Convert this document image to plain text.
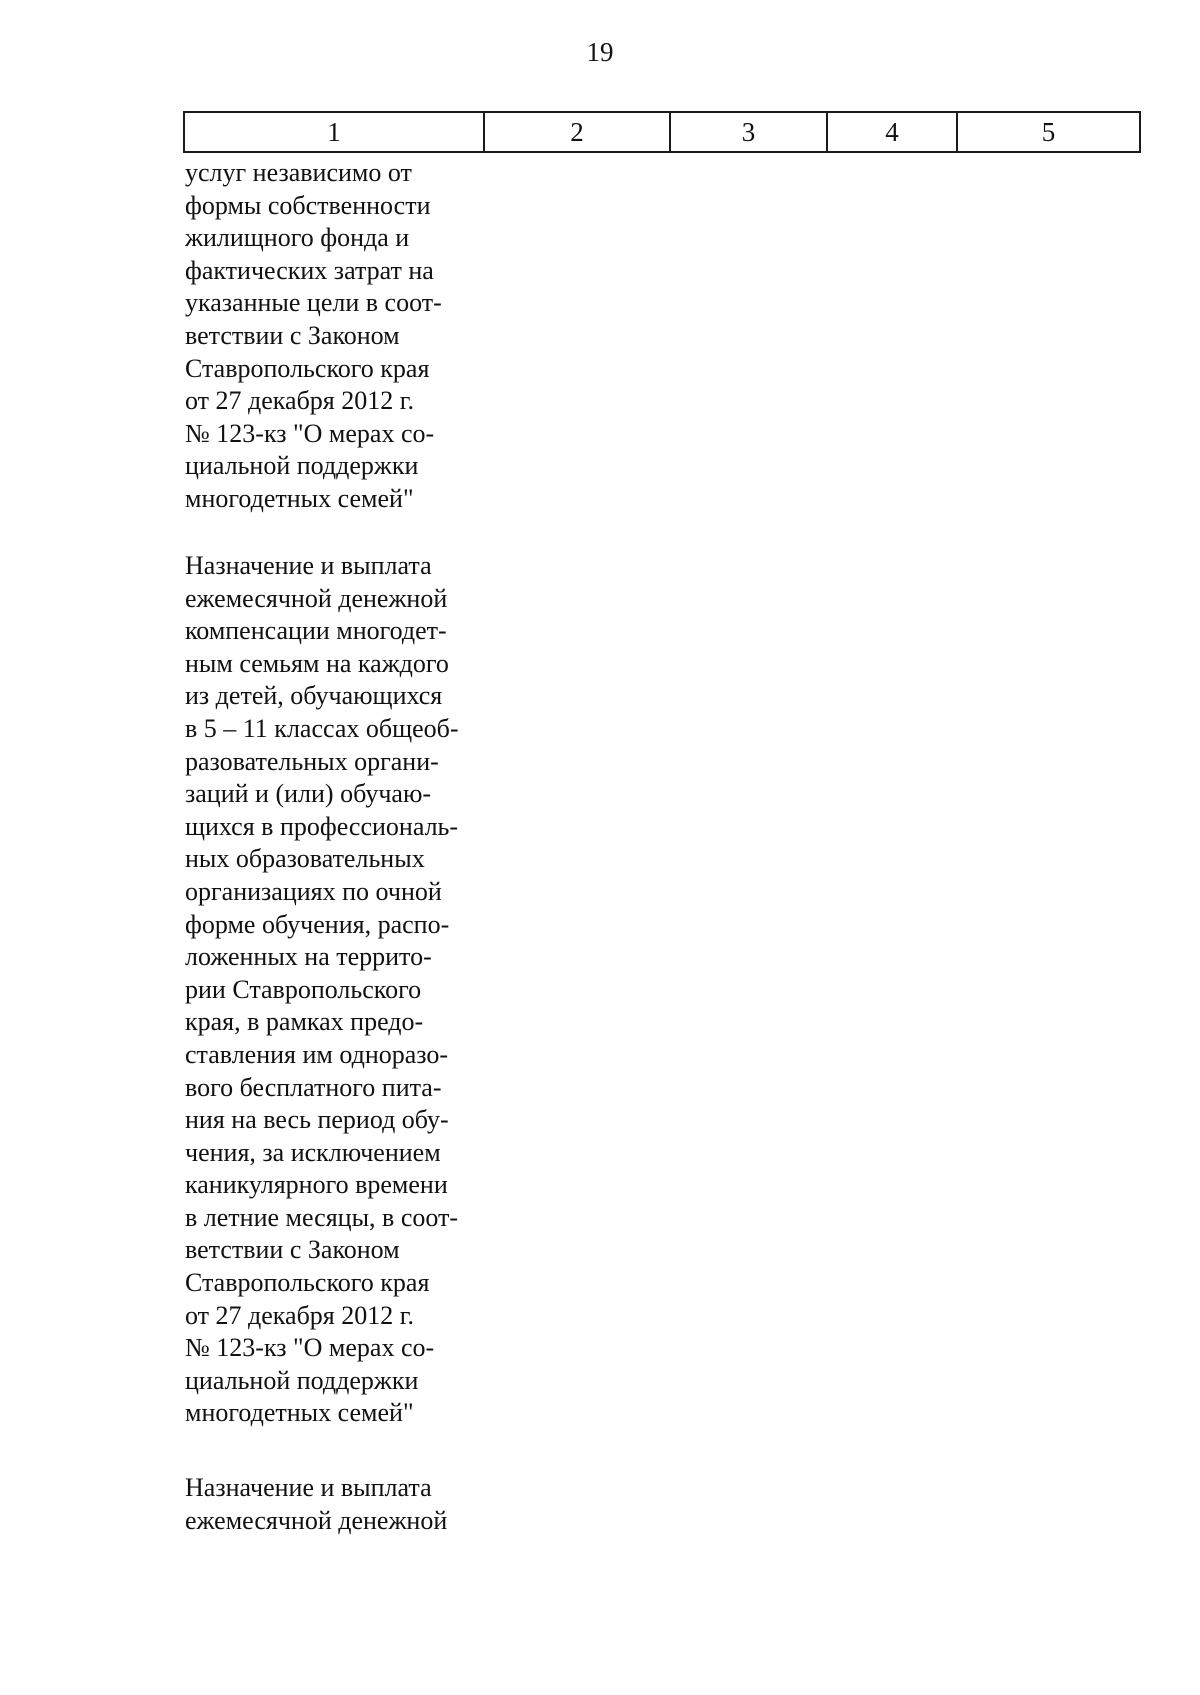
19
1	2	3	4	5
услуг независимо от
формы собственности
жилищного фонда и
фактических затрат на
указанные цели в соот-
ветствии с Законом
Ставропольского края
от 27 декабря 2012 г.
№ 123-кз "О мерах со-
циальной поддержки
многодетных семей"
Назначение и выплата
ежемесячной денежной
компенсации многодет-
ным семьям на каждого
из детей, обучающихся
в 5 – 11 классах общеоб-
разовательных органи-
заций и (или) обучаю-
щихся в профессиональ-
ных образовательных
организациях по очной
форме обучения, распо-
ложенных на террито-
рии Ставропольского
края, в рамках предо-
ставления им одноразо-
вого бесплатного пита-
ния на весь период обу-
чения, за исключением
каникулярного времени
в летние месяцы, в соот-
ветствии с Законом
Ставропольского края
от 27 декабря 2012 г.
№ 123-кз "О мерах со-
циальной поддержки
многодетных семей"
Назначение и выплата
ежемесячной денежной
